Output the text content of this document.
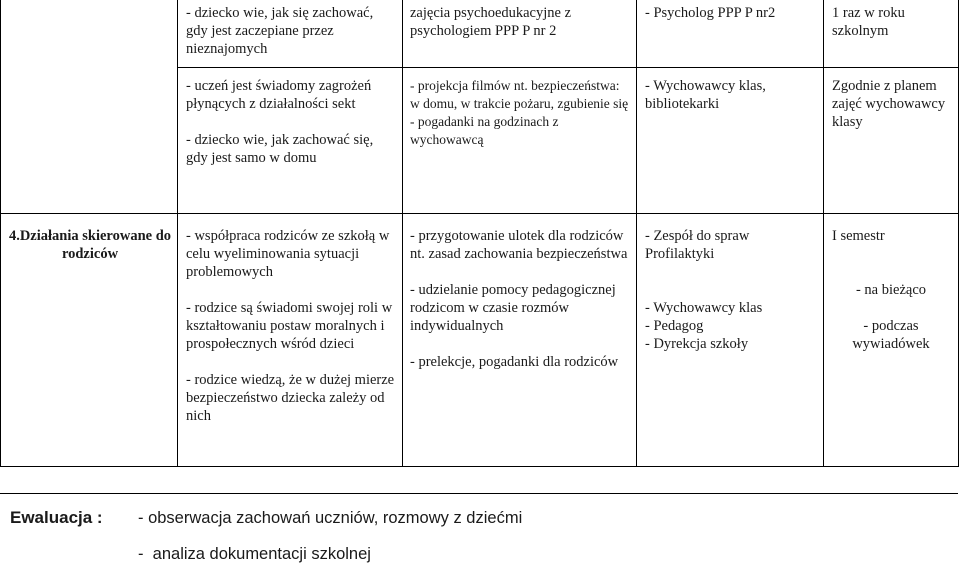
- dziecko wie, jak się zachować, gdy jest zaczepiane przez nieznajomych

zajęcia psychoedukacyjne z psychologiem PPP P nr 2

- Psycholog PPP P nr2	1 raz w roku szkolnym

- uczeń jest świadomy zagrożeń płynących z działalności sekt

- dziecko wie, jak zachować się, gdy jest samo w domu

- projekcja filmów nt. bezpieczeństwa: w domu, w trakcie pożaru, zgubienie się

- pogadanki na godzinach z wychowawcą

- Wychowawcy klas, bibliotekarki

Zgodnie z planem zajęć wychowawcy klasy

4.Działania skierowane do rodziców

- współpraca rodziców ze szkołą w celu wyeliminowania sytuacji problemowych

- rodzice są świadomi swojej roli w kształtowaniu postaw moralnych i prospołecznych wśród dzieci

- rodzice wiedzą, że w dużej mierze bezpieczeństwo dziecka zależy od nich

- przygotowanie ulotek dla rodziców nt. zasad zachowania bezpieczeństwa

- udzielanie pomocy pedagogicznej rodzicom w czasie rozmów indywidualnych

- prelekcje, pogadanki dla rodziców

- Zespół do spraw Profilaktyki

- Wychowawcy klas

- Pedagog

- Dyrekcja szkoły

I semestr

- na bieżąco

- podczas wywiadówek

Ewaluacja : - obserwacja zachowań uczniów, rozmowy z dziećmi
-  analiza dokumentacji szkolnej
